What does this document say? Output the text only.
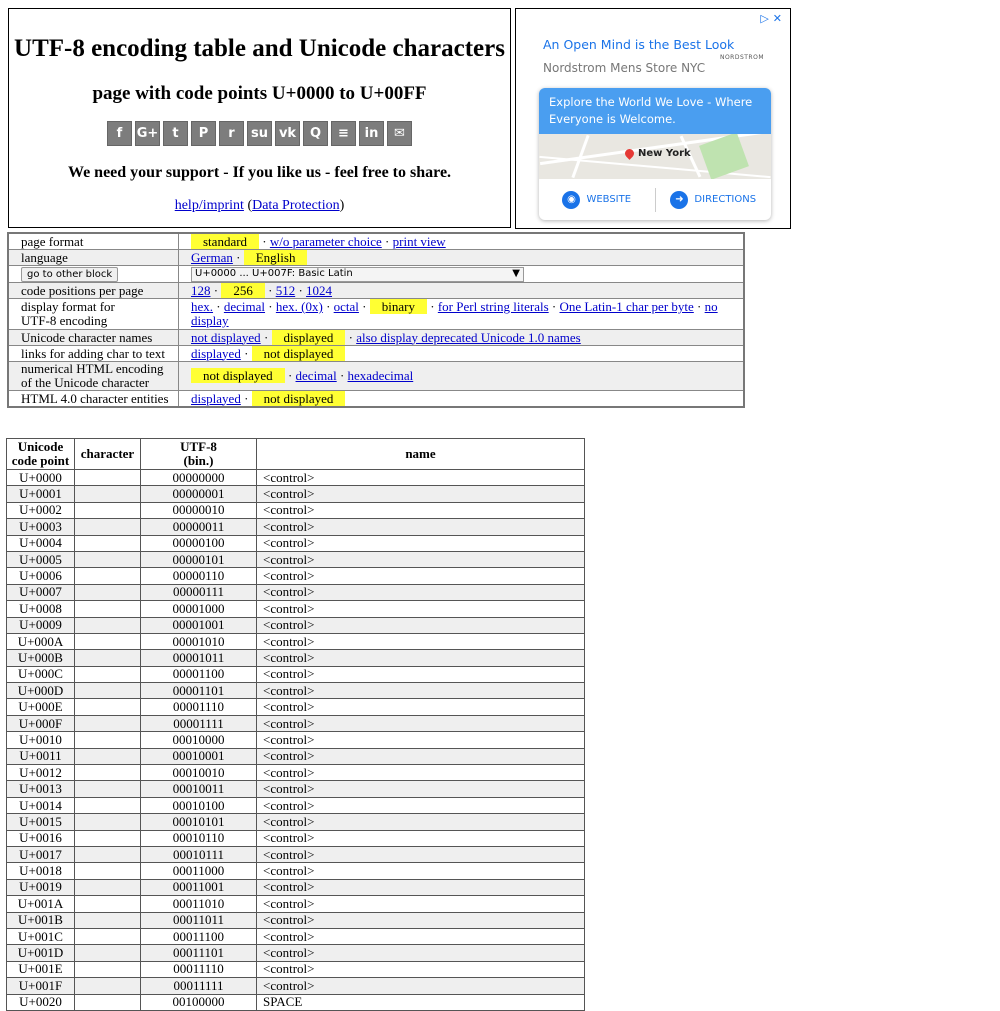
UTF-8 encoding table and Unicode characters
page with code points U+0000 to U+00FF
f	G+	t	P	r	su vk	Q	≡	in	✉
We need your support - If you like us - feel free to share.
help/imprint (Data Protection)
▷ ✕
An Open Mind is the Best Look
Nordstrom Mens Store NYC
NORDSTROM
Explore the World We Love - Where Everyone is Welcome.
New York
◉	WEBSITE	➜	DIRECTIONS
page format	standard · w/o parameter choice · print view
language	German · English
go to other block	U+0000 ... U+007F: Basic Latin ▼

code positions per page	128 · 256 · 512 · 1024
display format for
UTF-8 encoding	hex. · decimal · hex. (0x) · octal · binary · for Perl string literals · One Latin-1 char per byte · no display
Unicode character names	not displayed · displayed · also display deprecated Unicode 1.0 names
links for adding char to text	displayed · not displayed
numerical HTML encoding
of the Unicode character	not displayed · decimal · hexadecimal
HTML 4.0 character entities	displayed · not displayed
Unicode
code point	character	UTF-8
(bin.)	name
U+0000		00000000	<control>
U+0001		00000001	<control>
U+0002		00000010	<control>
U+0003		00000011	<control>
U+0004		00000100	<control>
U+0005		00000101	<control>
U+0006		00000110	<control>
U+0007		00000111	<control>
U+0008		00001000	<control>
U+0009		00001001	<control>
U+000A		00001010	<control>
U+000B		00001011	<control>
U+000C		00001100	<control>
U+000D		00001101	<control>
U+000E		00001110	<control>
U+000F		00001111	<control>
U+0010		00010000	<control>
U+0011		00010001	<control>
U+0012		00010010	<control>
U+0013		00010011	<control>
U+0014		00010100	<control>
U+0015		00010101	<control>
U+0016		00010110	<control>
U+0017		00010111	<control>
U+0018		00011000	<control>
U+0019		00011001	<control>
U+001A		00011010	<control>
U+001B		00011011	<control>
U+001C		00011100	<control>
U+001D		00011101	<control>
U+001E		00011110	<control>
U+001F		00011111	<control>
U+0020		00100000	SPACE
